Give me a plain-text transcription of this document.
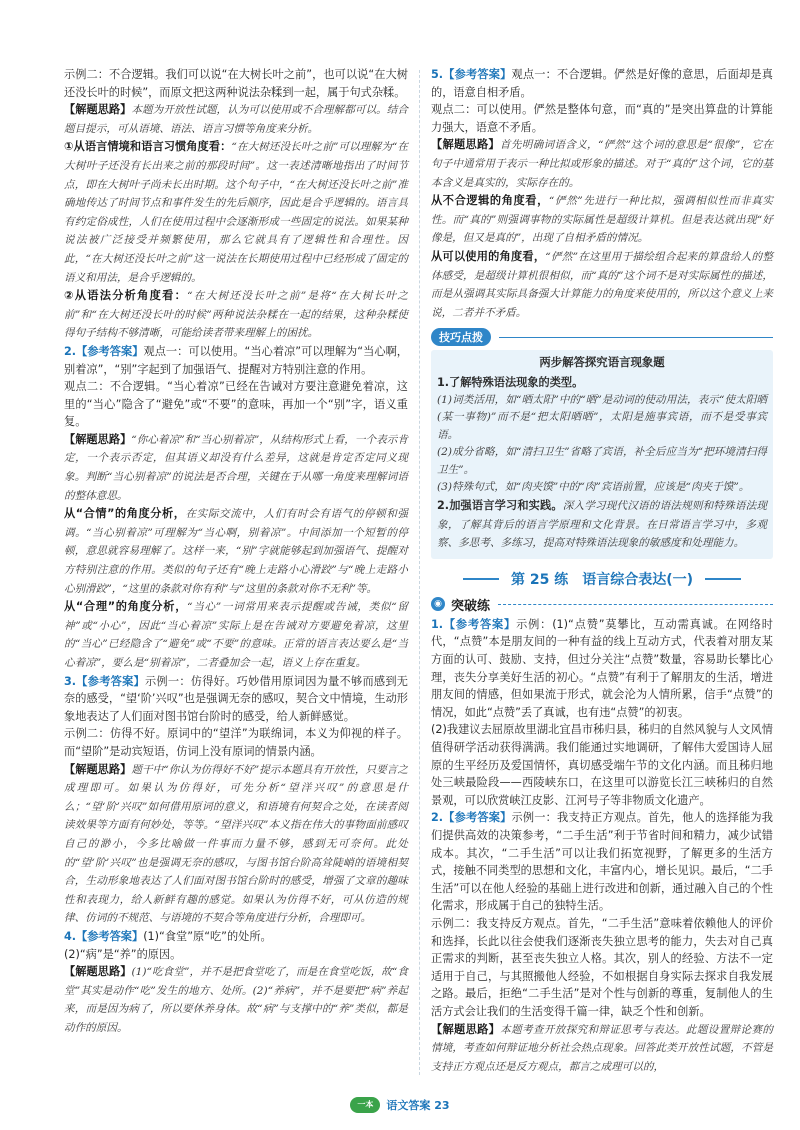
示例二：不合逻辑。我们可以说“在大树长叶之前”，也可以说“在大树还没长叶的时候”，而原文把这两种说法杂糅到一起，属于句式杂糅。

【解题思路】本题为开放性试题，认为可以使用或不合理解都可以。结合题目提示，可从语境、语法、语言习惯等角度来分析。

①从语言情境和语言习惯角度看：“在大树还没长叶之前”可以理解为“在大树叶子还没有长出来之前的那段时间”。这一表述清晰地指出了时间节点，即在大树叶子尚未长出时期。这个句子中，“在大树还没长叶之前”准确地传达了时间节点和事件发生的先后顺序，因此是合乎逻辑的。语言具有约定俗成性，人们在使用过程中会逐渐形成一些固定的说法。如果某种说法被广泛接受并频繁使用，那么它就具有了逻辑性和合理性。因此，“在大树还没长叶之前”这一说法在长期使用过程中已经形成了固定的语义和用法，是合乎逻辑的。

②从语法分析角度看：“在大树还没长叶之前”是将“在大树长叶之前”和“在大树还没长叶的时候”两种说法杂糅在一起的结果，这种杂糅使得句子结构不够清晰，可能给读者带来理解上的困扰。

2.【参考答案】观点一：可以使用。“当心着凉”可以理解为“当心啊，别着凉”，“别”字起到了加强语气、提醒对方特别注意的作用。

观点二：不合逻辑。“当心着凉”已经在告诫对方要注意避免着凉，这里的“当心”隐含了“避免”或“不要”的意味，再加一个“别”字，语义重复。

【解题思路】“你心着凉”和“当心别着凉”，从结构形式上看，一个表示肯定，一个表示否定，但其语义却没有什么差异，这就是肯定否定同义现象。判断“当心别着凉”的说法是否合理，关键在于从哪一角度来理解词语的整体意思。

从“合情”的角度分析，在实际交流中，人们有时会有语气的停顿和强调。“当心别着凉”可理解为“当心啊，别着凉”。中间添加一个短暂的停顿，意思就容易理解了。这样一来，“别”字就能够起到加强语气、提醒对方特别注意的作用。类似的句子还有“晚上走路小心滑跤”与“晚上走路小心别滑跤”，“这里的条款对你有利”与“这里的条款对你不无利”等。

从“合理”的角度分析，“当心”一词常用来表示提醒或告诫，类似“留神”或“小心”，因此“当心着凉”实际上是在告诫对方要避免着凉，这里的“当心”已经隐含了“避免”或“不要”的意味。正常的语言表达要么是“当心着凉”，要么是“别着凉”，二者叠加会一起，语义上存在重复。

3.【参考答案】示例一：仿得好。巧妙借用原词因为量不够而感到无奈的感受，“望‘阶’兴叹”也是强调无奈的感叹，契合文中情境，生动形象地表达了人们面对图书馆台阶时的感受，给人新鲜感觉。

示例二：仿得不好。原词中的“望洋”为联绵词，本义为仰视的样子。而“望阶”是动宾短语，仿词上没有原词的情景内涵。

【解题思路】题干中“你认为仿得好不好”提示本题具有开放性，只要言之成理即可。如果认为仿得好，可先分析“望洋兴叹”的意思是什么；“望‘阶’兴叹”如何借用原词的意义，和语境有何契合之处，在读者阅读效果等方面有何妙处，等等。“望洋兴叹”本义指在伟大的事物面前感叹自己的渺小，今多比喻做一件事而力量不够，感到无可奈何。此处的“望‘阶’兴叹”也是强调无奈的感叹，与图书馆台阶高耸陡峭的语境相契合，生动形象地表达了人们面对图书馆台阶时的感受，增强了文章的趣味性和表现力，给人新鲜有趣的感觉。如果认为仿得不好，可从仿造的规律、仿词的不规范、与语境的不契合等角度进行分析，合理即可。

4.【参考答案】(1)“食堂”原“吃”的处所。

(2)“病”是“养”的原因。

【解题思路】(1)“吃食堂”，并不是把食堂吃了，而是在食堂吃饭，故“食堂”其实是动作“吃”发生的地方、处所。(2)“养病”，并不是要把“病”养起来，而是因为病了，所以要休养身体。故“病”与支撑中的“养”类似，都是动作的原因。

5.【参考答案】观点一：不合逻辑。俨然是好像的意思，后面却是真的，语意自相矛盾。

观点二：可以使用。俨然是整体句意，而“真的”是突出算盘的计算能力强大，语意不矛盾。

【解题思路】首先明确词语含义，“俨然”这个词的意思是“很像”，它在句子中通常用于表示一种比拟或形象的描述。对于“真的”这个词，它的基本含义是真实的，实际存在的。

从不合逻辑的角度看，“俨然”先进行一种比拟，强调相似性而非真实性。而“真的”则强调事物的实际属性是超级计算机。但是表达就出现“好像是，但又是真的”，出现了自相矛盾的情况。

从可以使用的角度看，“俨然”在这里用于描绘组合起来的算盘给人的整体感受，是超级计算机很相似，而“真的”这个词不是对实际属性的描述，而是从强调其实际具备强大计算能力的角度来使用的，所以这个意义上来说，二者并不矛盾。

技巧点拨

两步解答探究语言现象题

1.了解特殊语法现象的类型。

(1)词类活用，如“晒太阳”中的“晒”是动词的使动用法，表示“使太阳晒(某一事物)”而不是“把太阳晒晒”，太阳是施事宾语，而不是受事宾语。

(2)成分省略，如“清扫卫生”省略了宾语，补全后应当为“把环境清扫得卫生”。

(3)特殊句式，如“肉夹馍”中的“肉”宾语前置，应该是“肉夹于馍”。

2.加强语言学习和实践。深入学习现代汉语的语法规则和特殊语法现象，了解其背后的语言学原理和文化背景。在日常语言学习中，多观察、多思考、多练习，提高对特殊语法现象的敏感度和处理能力。

第 25 练　语言综合表达(一)
◉ 突破练

1.【参考答案】示例：(1)“点赞”莫攀比，互动需真诚。在网络时代，“点赞”本是朋友间的一种有益的线上互动方式，代表着对朋友某方面的认可、鼓励、支持，但过分关注“点赞”数量，容易助长攀比心理，丧失分享美好生活的初心。“点赞”有利于了解朋友的生活，增进朋友间的情感，但如果流于形式，就会沦为人情所累，信手“点赞”的情况，如此“点赞”丢了真诚，也有违“点赞”的初衷。

(2)我建议去屈原故里湖北宜昌市秭归县，秭归的自然风貌与人文风情值得研学活动获得满满。我们能通过实地调研，了解伟大爱国诗人屈原的生平经历及爱国情怀，真切感受端午节的文化内涵。而且秭归地处三峡最险段——西陵峡东口，在这里可以游览长江三峡秭归的自然景观，可以欣赏峡江皮影、江河号子等非物质文化遗产。

2.【参考答案】示例一：我支持正方观点。首先，他人的选择能为我们提供高效的决策参考，“二手生活”利于节省时间和精力，减少试错成本。其次，“二手生活”可以让我们拓宽视野，了解更多的生活方式，接触不同类型的思想和文化，丰富内心，增长见识。最后，“二手生活”可以在他人经验的基础上进行改进和创新，通过融入自己的个性化需求，形成属于自己的独特生活。

示例二：我支持反方观点。首先，“二手生活”意味着依赖他人的评价和选择，长此以往会使我们逐渐丧失独立思考的能力，失去对自己真正需求的判断，甚至丧失独立人格。其次，别人的经验、方法不一定适用于自己，与其照搬他人经验，不如根据自身实际去探求自我发展之路。最后，拒绝“二手生活”是对个性与创新的尊重，复制他人的生活方式会让我们的生活变得千篇一律，缺乏个性和创新。

【解题思路】本题考查开放探究和辩证思考与表达。此题设置辩论赛的情境，考查如何辩证地分析社会热点现象。回答此类开放性试题，不管是支持正方观点还是反方观点，都言之成理可以的，

一本	语文答案 23
